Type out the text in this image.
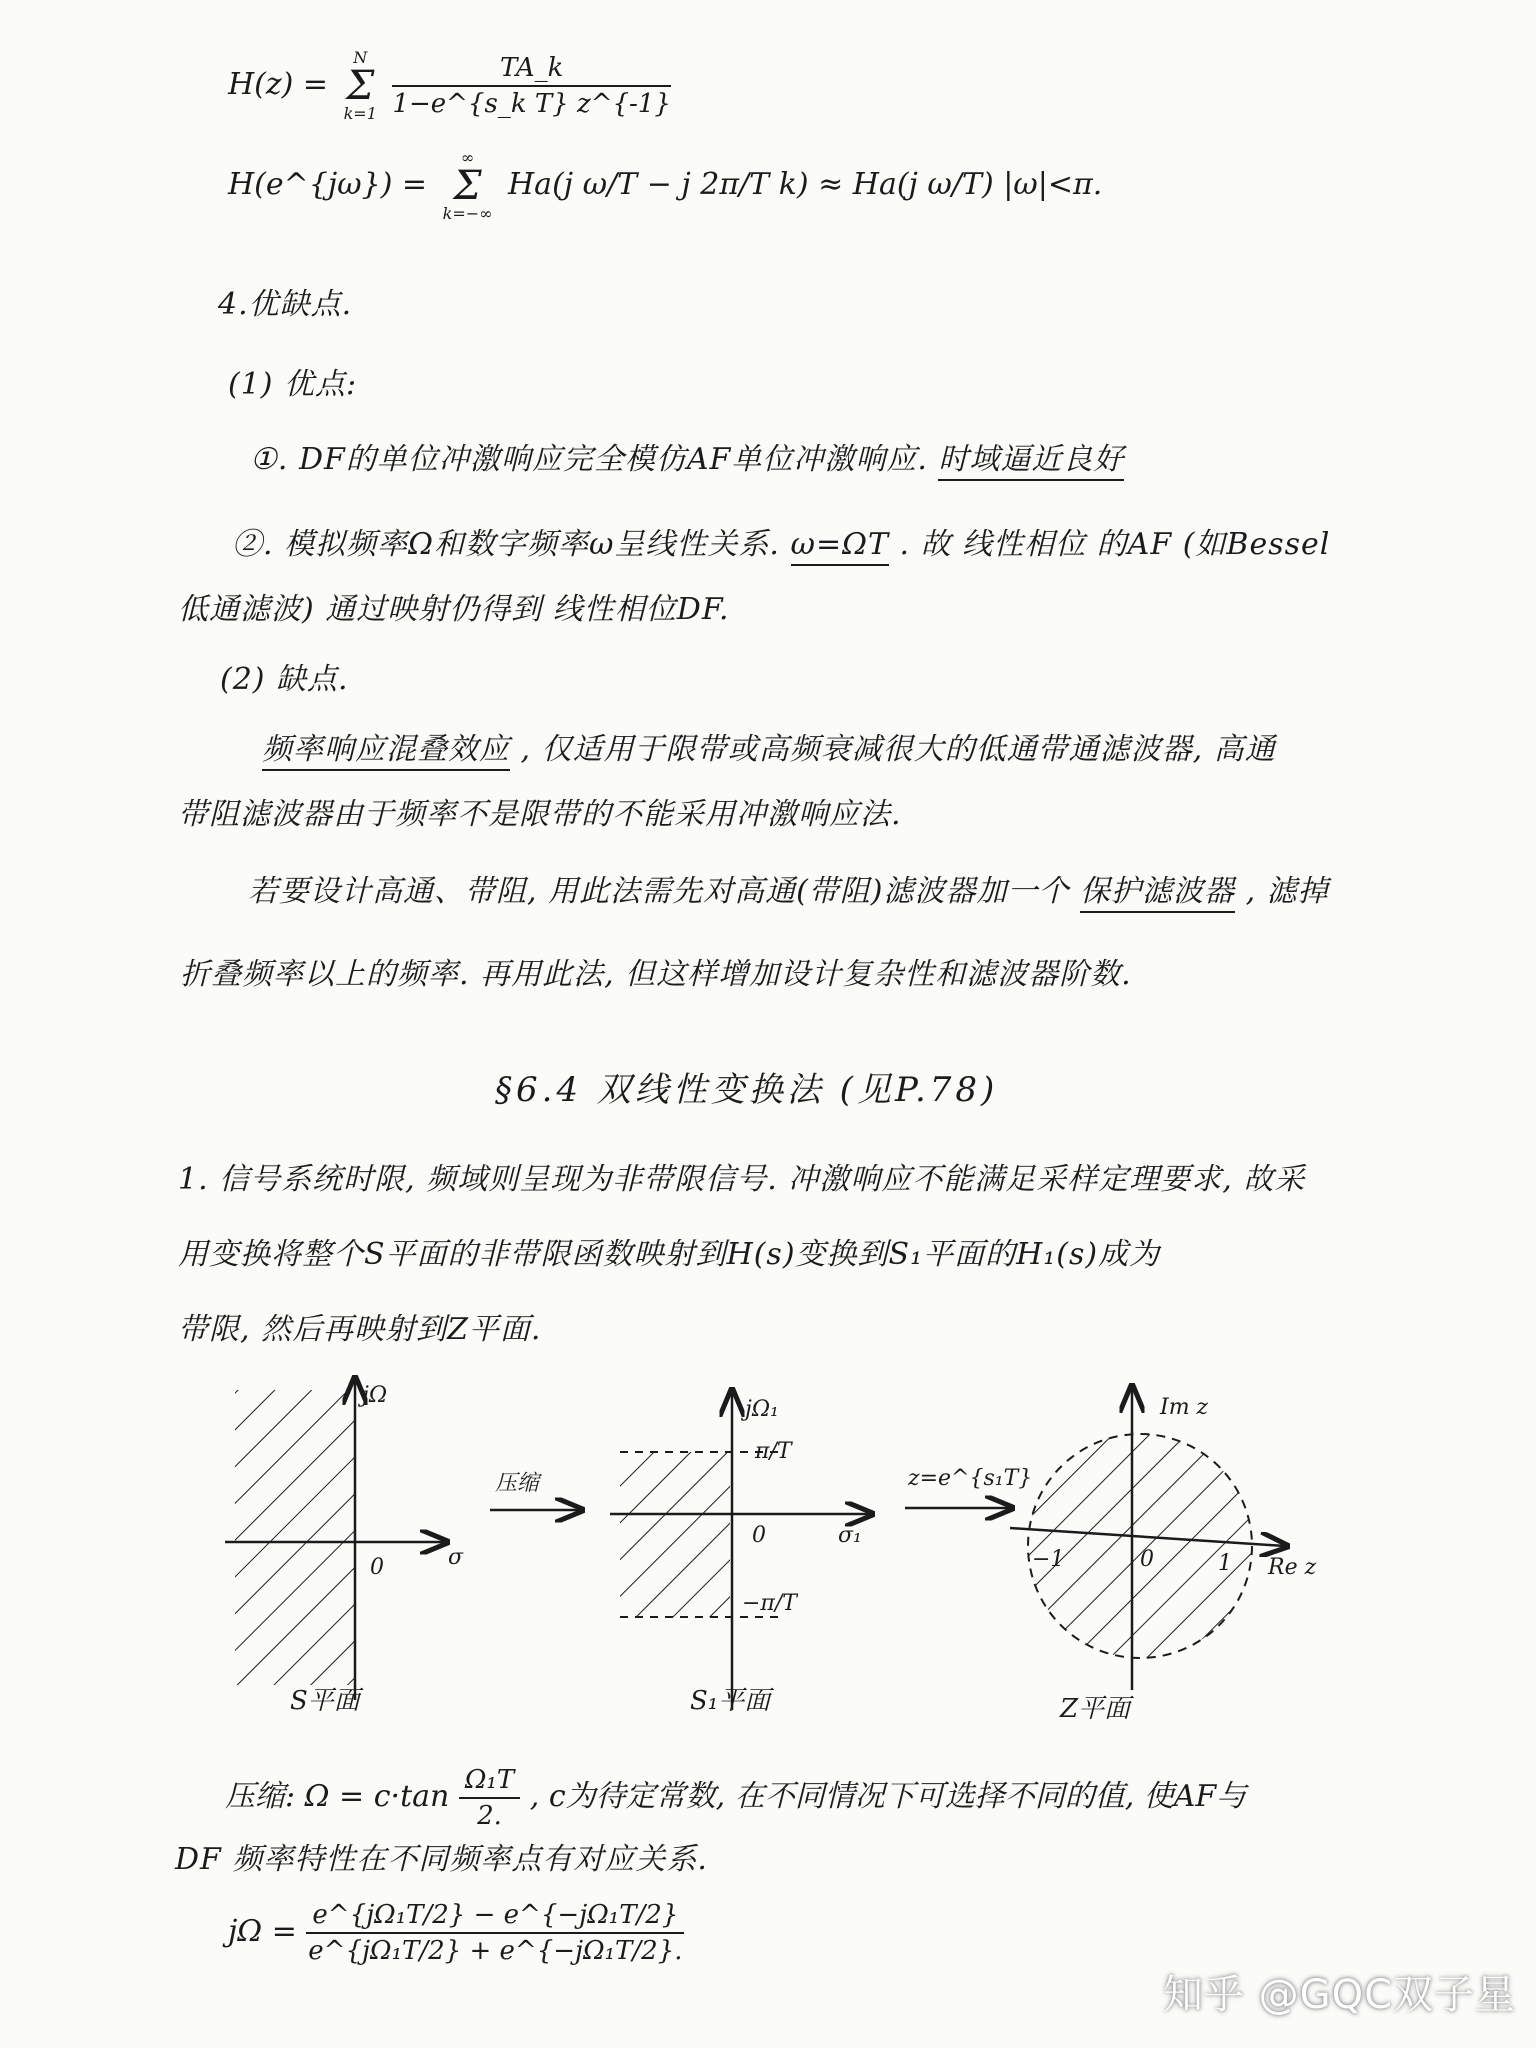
H(z) = N
Σ
$k=1 \frac{TA\_k}{\text{1−e\textasciicircum{}\{s\_k T\} z\textasciicircum{}\{-1\}}}$
H(e^{jω}) = ∞
Σ
k=−∞ Ha(j ω/T − j 2π/T k) ≈ Ha(j ω/T) |ω|<π.
4.优缺点.
(1) 优点:
①. DF的单位冲激响应完全模仿AF单位冲激响应. 时域逼近良好
②. 模拟频率Ω和数字频率ω呈线性关系. ω=ΩT . 故 线性相位 的AF (如Bessel
低通滤波) 通过映射仍得到 线性相位DF.
(2) 缺点.
频率响应混叠效应 , 仅适用于限带或高频衰减很大的低通带通滤波器, 高通
带阻滤波器由于频率不是限带的不能采用冲激响应法.
若要设计高通、带阻, 用此法需先对高通(带阻)滤波器加一个 保护滤波器 , 滤掉
折叠频率以上的频率. 再用此法, 但这样增加设计复杂性和滤波器阶数.
§6.4 双线性变换法 (见P.78)
1. 信号系统时限, 频域则呈现为非带限信号. 冲激响应不能满足采样定理要求, 故采
用变换将整个S平面的非带限函数映射到H(s)变换到S₁平面的H₁(s)成为
带限, 然后再映射到Z平面.
jΩ
σ
0
压缩
jΩ₁
σ₁
π/T
−π/T
0
z=e^{s₁T}
Im z
Re z
0
−1	1
S平面	S₁平面	Z平面
压缩: $\Omega = c\cdot\tan \frac{\text{Ω₁T}}{2.}$ , c为待定常数, 在不同情况下可选择不同的值, 使AF与
DF 频率特性在不同频率点有对应关系.
$j\Omega = \frac{\text{e\textasciicircum{}\{jΩ₁T/2\} − e\textasciicircum{}\{−jΩ₁T/2\}}}{\text{e\textasciicircum{}\{jΩ₁T/2\} + e\textasciicircum{}\{−jΩ₁T/2\}.}}$
知乎 @GQC双子星
